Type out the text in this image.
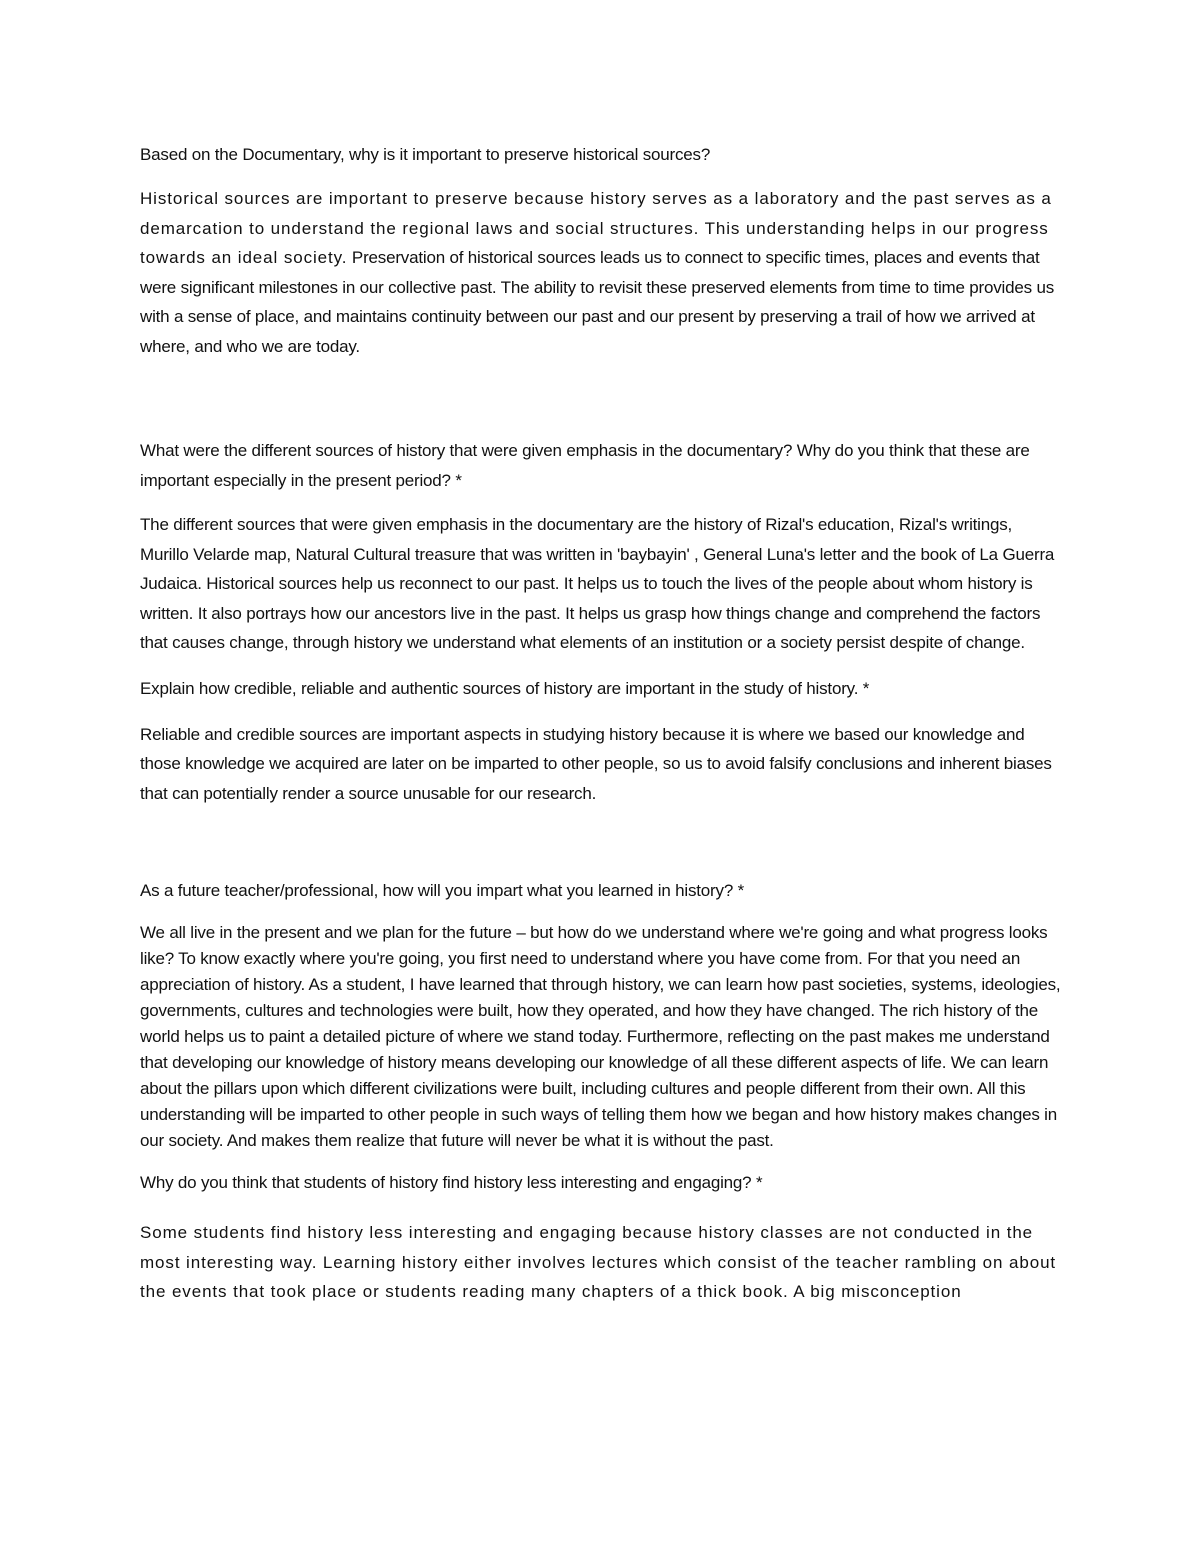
Based on the Documentary, why is it important to preserve historical sources?

Historical sources are important to preserve because history serves as a laboratory and the past serves as a demarcation to understand the regional laws and social structures. This understanding helps in our progress towards an ideal society. Preservation of historical sources leads us to connect to specific times, places and events that were significant milestones in our collective past. The ability to revisit these preserved elements from time to time provides us with a sense of place, and maintains continuity between our past and our present by preserving a trail of how we arrived at where, and who we are today.

What were the different sources of history that were given emphasis in the documentary? Why do you think that these are important especially in the present period? *

The different sources that were given emphasis in the documentary are the history of Rizal's education, Rizal's writings, Murillo Velarde map, Natural Cultural treasure that was written in 'baybayin' , General Luna's letter and the book of La Guerra Judaica. Historical sources help us reconnect to our past. It helps us to touch the lives of the people about whom history is written. It also portrays how our ancestors live in the past. It helps us grasp how things change and comprehend the factors that causes change, through history we understand what elements of an institution or a society persist despite of change.

Explain how credible, reliable and authentic sources of history are important in the study of history. *

Reliable and credible sources are important aspects in studying history because it is where we based our knowledge and those knowledge we acquired are later on be imparted to other people, so us to avoid falsify conclusions and inherent biases that can potentially render a source unusable for our research.

As a future teacher/professional, how will you impart what you learned in history? *

We all live in the present and we plan for the future – but how do we understand where we're going and what progress looks like? To know exactly where you're going, you first need to understand where you have come from. For that you need an appreciation of history. As a student, I have learned that through history, we can learn how past societies, systems, ideologies, governments, cultures and technologies were built, how they operated, and how they have changed. The rich history of the world helps us to paint a detailed picture of where we stand today. Furthermore, reflecting on the past makes me understand that developing our knowledge of history means developing our knowledge of all these different aspects of life. We can learn about the pillars upon which different civilizations were built, including cultures and people different from their own. All this understanding will be imparted to other people in such ways of telling them how we began and how history makes changes in our society. And makes them realize that future will never be what it is without the past.

Why do you think that students of history find history less interesting and engaging? *

Some students find history less interesting and engaging because history classes are not conducted in the most interesting way. Learning history either involves lectures which consist of the teacher rambling on about the events that took place or students reading many chapters of a thick book. A big misconception
